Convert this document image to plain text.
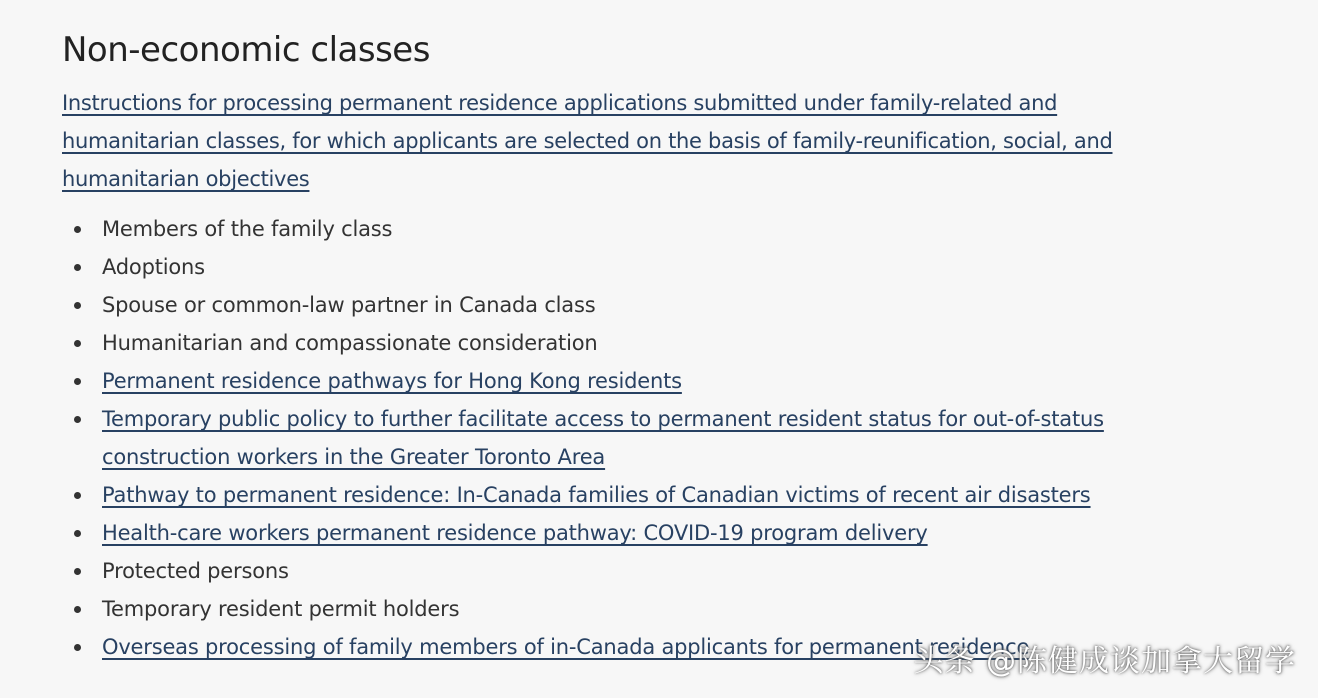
Non-economic classes
Instructions for processing permanent residence applications submitted under family-related and humanitarian classes, for which applicants are selected on the basis of family-reunification, social, and humanitarian objectives
Members of the family class
Adoptions
Spouse or common-law partner in Canada class
Humanitarian and compassionate consideration
Permanent residence pathways for Hong Kong residents
Temporary public policy to further facilitate access to permanent resident status for out-of-status construction workers in the Greater Toronto Area
Pathway to permanent residence: In-Canada families of Canadian victims of recent air disasters
Health-care workers permanent residence pathway: COVID-19 program delivery
Protected persons
Temporary resident permit holders
Overseas processing of family members of in-Canada applicants for permanent residence
头条 @陈健成谈加拿大留学
